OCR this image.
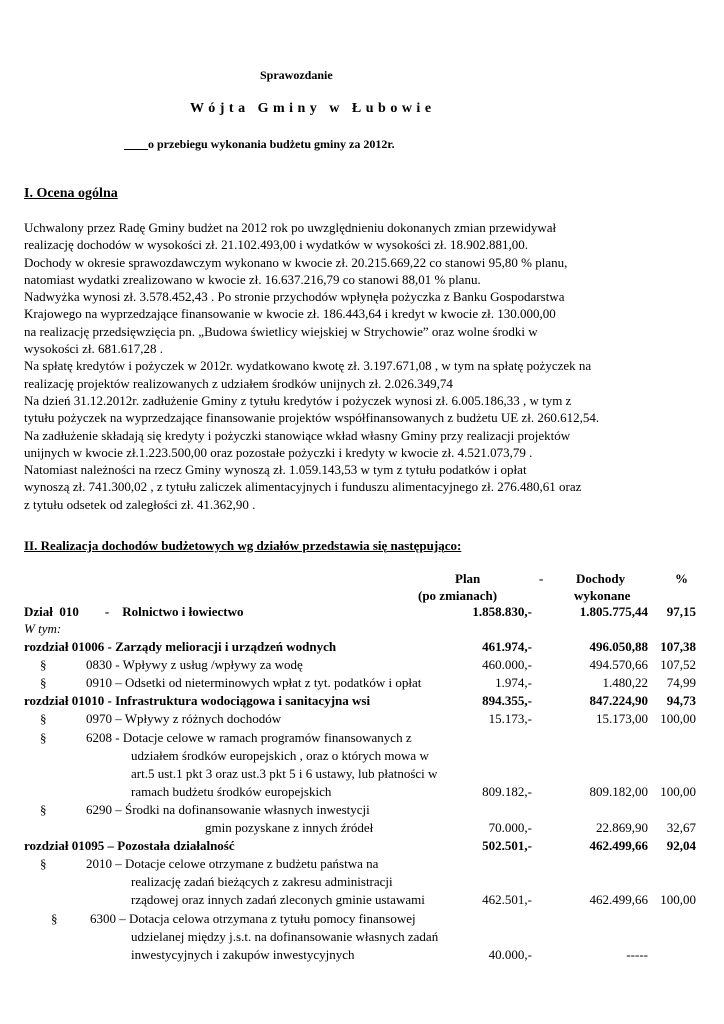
Sprawozdanie
W ó j t a   G m i n y   w   Ł u b o w i e
o przebiegu wykonania budżetu gminy za 2012r.
I. Ocena ogólna
Uchwalony przez Radę Gminy budżet na 2012 rok po uwzględnieniu dokonanych zmian przewidywał
realizację dochodów w wysokości zł. 21.102.493,00 i wydatków w wysokości zł. 18.902.881,00.
Dochody w okresie sprawozdawczym wykonano w kwocie zł. 20.215.669,22 co stanowi 95,80 % planu,
natomiast wydatki zrealizowano w kwocie zł. 16.637.216,79 co stanowi 88,01 % planu.
Nadwyżka wynosi zł. 3.578.452,43 . Po stronie przychodów wpłynęła pożyczka z Banku Gospodarstwa
Krajowego na wyprzedzające finansowanie w kwocie zł. 186.443,64 i kredyt w kwocie zł. 130.000,00
na realizację przedsięwzięcia pn. „Budowa świetlicy wiejskiej w Strychowie” oraz wolne środki w
wysokości zł. 681.617,28 .
Na spłatę kredytów i pożyczek w 2012r. wydatkowano kwotę zł. 3.197.671,08 , w tym na spłatę pożyczek na
realizację projektów realizowanych z udziałem środków unijnych zł. 2.026.349,74
Na dzień 31.12.2012r. zadłużenie Gminy z tytułu kredytów i pożyczek wynosi zł. 6.005.186,33 , w tym z
tytułu pożyczek na wyprzedzające finansowanie projektów współfinansowanych z budżetu UE zł. 260.612,54.
Na zadłużenie składają się kredyty i pożyczki stanowiące wkład własny Gminy przy realizacji projektów
unijnych w kwocie zł.1.223.500,00 oraz pozostałe pożyczki i kredyty w kwocie zł. 4.521.073,79 .
Natomiast należności na rzecz Gminy wynoszą zł. 1.059.143,53 w tym z tytułu podatków i opłat
wynoszą zł. 741.300,02 , z tytułu zaliczek alimentacyjnych i funduszu alimentacyjnego zł. 276.480,61 oraz
z tytułu odsetek od zaległości zł. 41.362,90 .
II. Realizacja dochodów budżetowych wg działów przedstawia się następująco:
Plan	-
(po zmianach)
Dochody
wykonane
%
Dział  010        -    Rolnictwo i łowiectwo	1.858.830,-	1.805.775,44	97,15
W tym:
rozdział 01006 - Zarządy melioracji i urządzeń wodnych	461.974,-	496.050,88 107,38
§	0830 - Wpływy z usług /wpływy za wodę	460.000,-	494.570,66 107,52
§	0910 – Odsetki od nieterminowych wpłat z tyt. podatków i opłat	1.974,-	1.480,22	74,99
rozdział 01010 - Infrastruktura wodociągowa i sanitacyjna wsi	894.355,-	847.224,90	94,73
§	0970 – Wpływy z różnych dochodów	15.173,-	15.173,00 100,00
§	6208 - Dotacje celowe w ramach programów finansowanych z
udziałem środków europejskich , oraz o których mowa w
art.5 ust.1 pkt 3 oraz ust.3 pkt 5 i 6 ustawy, lub płatności w
ramach budżetu środków europejskich	809.182,-	809.182,00 100,00
§	6290 – Środki na dofinansowanie własnych inwestycji
gmin pozyskane z innych źródeł	70.000,-	22.869,90	32,67
rozdział 01095 – Pozostała działalność	502.501,-	462.499,66	92,04
§	2010 – Dotacje celowe otrzymane z budżetu państwa na
realizację zadań bieżących z zakresu administracji
rządowej oraz innych zadań zleconych gminie ustawami	462.501,-	462.499,66 100,00
§	6300 – Dotacja celowa otrzymana z tytułu pomocy finansowej
udzielanej między j.s.t. na dofinansowanie własnych zadań
inwestycyjnych i zakupów inwestycyjnych	40.000,-	-----
